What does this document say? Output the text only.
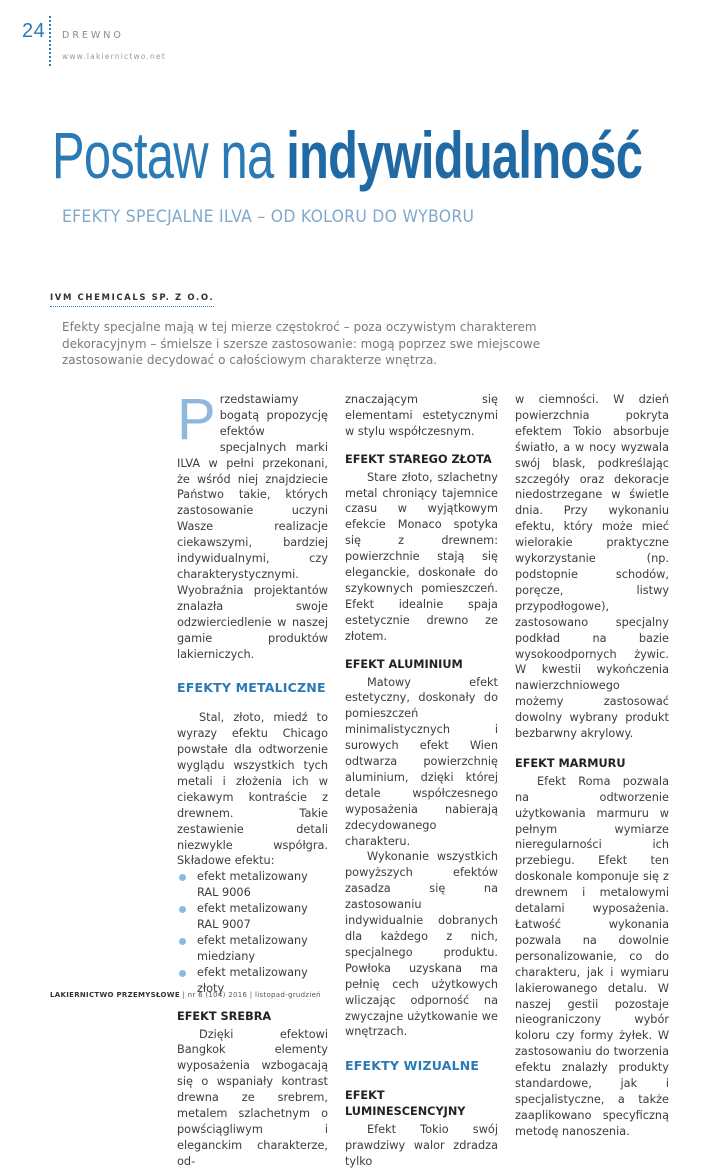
24 DREWNO
www.lakiernictwo.net
Postaw na indywidualność
EFEKTY SPECJALNE ILVA – OD KOLORU DO WYBORU
IVM CHEMICALS SP. Z O.O.

Efekty specjalne mają w tej mierze częstokroć – poza oczywistym charakterem dekoracyjnym – śmielsze i szersze zastosowanie: mogą poprzez swe miejscowe zastosowanie decydować o całościowym charakterze wnętrza.

Przedstawiamy bogatą propozycję efektów specjalnych marki ILVA w pełni przekonani, że wśród niej znajdziecie Państwo takie, których zastosowanie uczyni Wasze realizacje ciekawszymi, bardziej indywidualnymi, czy charakterystycznymi. Wyobraźnia projektantów znalazła swoje odzwierciedlenie w naszej gamie produktów lakierniczych.

EFEKTY METALICZNE

Stal, złoto, miedź to wyrazy efektu Chicago powstałe dla odtworzenie wyglądu wszystkich tych metali i złożenia ich w ciekawym kontraście z drewnem. Takie zestawienie detali niezwykle współgra. Składowe efektu:

efekt metalizowany RAL 9006
efekt metalizowany RAL 9007
efekt metalizowany miedziany
efekt metalizowany złoty
EFEKT SREBRA

Dzięki efektowi Bangkok elementy wyposażenia wzbogacają się o wspaniały kontrast drewna ze srebrem, metalem szlachetnym o powściągliwym i eleganckim charakterze, od-

znaczającym się elementami estetycznymi w stylu współczesnym.

EFEKT STAREGO ZŁOTA

Stare złoto, szlachetny metal chroniący tajemnice czasu w wyjątkowym efekcie Monaco spotyka się z drewnem: powierzchnie stają się eleganckie, doskonałe do szykownych pomieszczeń. Efekt idealnie spaja estetycznie drewno ze złotem.

EFEKT ALUMINIUM

Matowy efekt estetyczny, doskonały do pomieszczeń minimalistycznych i surowych efekt Wien odtwarza powierzchnię aluminium, dzięki której detale współczesnego wyposażenia nabierają zdecydowanego charakteru.

Wykonanie wszystkich powyższych efektów zasadza się na zastosowaniu indywidualnie dobranych dla każdego z nich, specjalnego produktu. Powłoka uzyskana ma pełnię cech użytkowych wliczając odporność na zwyczajne użytkowanie we wnętrzach.

EFEKTY WIZUALNE
EFEKT LUMINESCENCYJNY

Efekt Tokio swój prawdziwy walor zdradza tylko

w ciemności. W dzień powierzchnia pokryta efektem Tokio absorbuje światło, a w nocy wyzwala swój blask, podkreślając szczegóły oraz dekoracje niedostrzegane w świetle dnia. Przy wykonaniu efektu, który może mieć wielorakie praktyczne wykorzystanie (np. podstopnie schodów, poręcze, listwy przypodłogowe), zastosowano specjalny podkład na bazie wysokoodpornych żywic. W kwestii wykończenia nawierzchniowego możemy zastosować dowolny wybrany produkt bezbarwny akrylowy.

EFEKT MARMURU

Efekt Roma pozwala na odtworzenie użytkowania marmuru w pełnym wymiarze nieregularności ich przebiegu. Efekt ten doskonale komponuje się z drewnem i metalowymi detalami wyposażenia. Łatwość wykonania pozwala na dowolnie personalizowanie, co do charakteru, jak i wymiaru lakierowanego detalu. W naszej gestii pozostaje nieograniczony wybór koloru czy formy żyłek. W zastosowaniu do tworzenia efektu znalazły produkty standardowe, jak i specjalistyczne, a także zaaplikowano specyficzną metodę nanoszenia.

LAKIERNICTWO PRZEMYSŁOWE | nr 6 (104) 2016 | listopad-grudzień
